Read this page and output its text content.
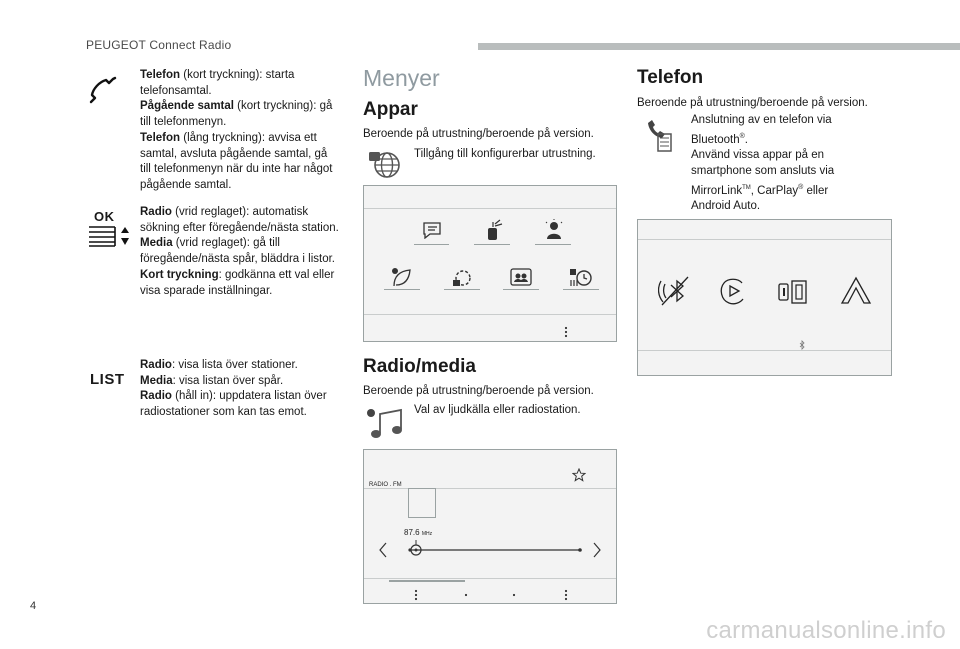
PEUGEOT Connect Radio
Telefon (kort tryckning): starta telefonsamtal.
Pågående samtal (kort tryckning): gå till telefonmenyn.
Telefon (lång tryckning): avvisa ett samtal, avsluta pågående samtal, gå till telefonmenyn när du inte har något pågående samtal.
OK Radio (vrid reglaget): automatisk sökning efter föregående/nästa station.
Media (vrid reglaget): gå till föregående/nästa spår, bläddra i listor.
Kort tryckning: godkänna ett val eller visa sparade inställningar.
LIST
Radio: visa lista över stationer.
Media: visa listan över spår.
Radio (håll in): uppdatera listan över radiostationer som kan tas emot.
Menyer
Appar
Beroende på utrustning/beroende på version.
Tillgång till konfigurerbar utrustning.
Radio/media
Beroende på utrustning/beroende på version.
Val av ljudkälla eller radiostation.
RADIO . FM
87.6 MHz
Telefon
Beroende på utrustning/beroende på version.
Anslutning av en telefon via
Bluetooth®.
Använd vissa appar på en
smartphone som ansluts via
MirrorLink™, CarPlay® eller
Android Auto.
4
carmanualsonline.info
